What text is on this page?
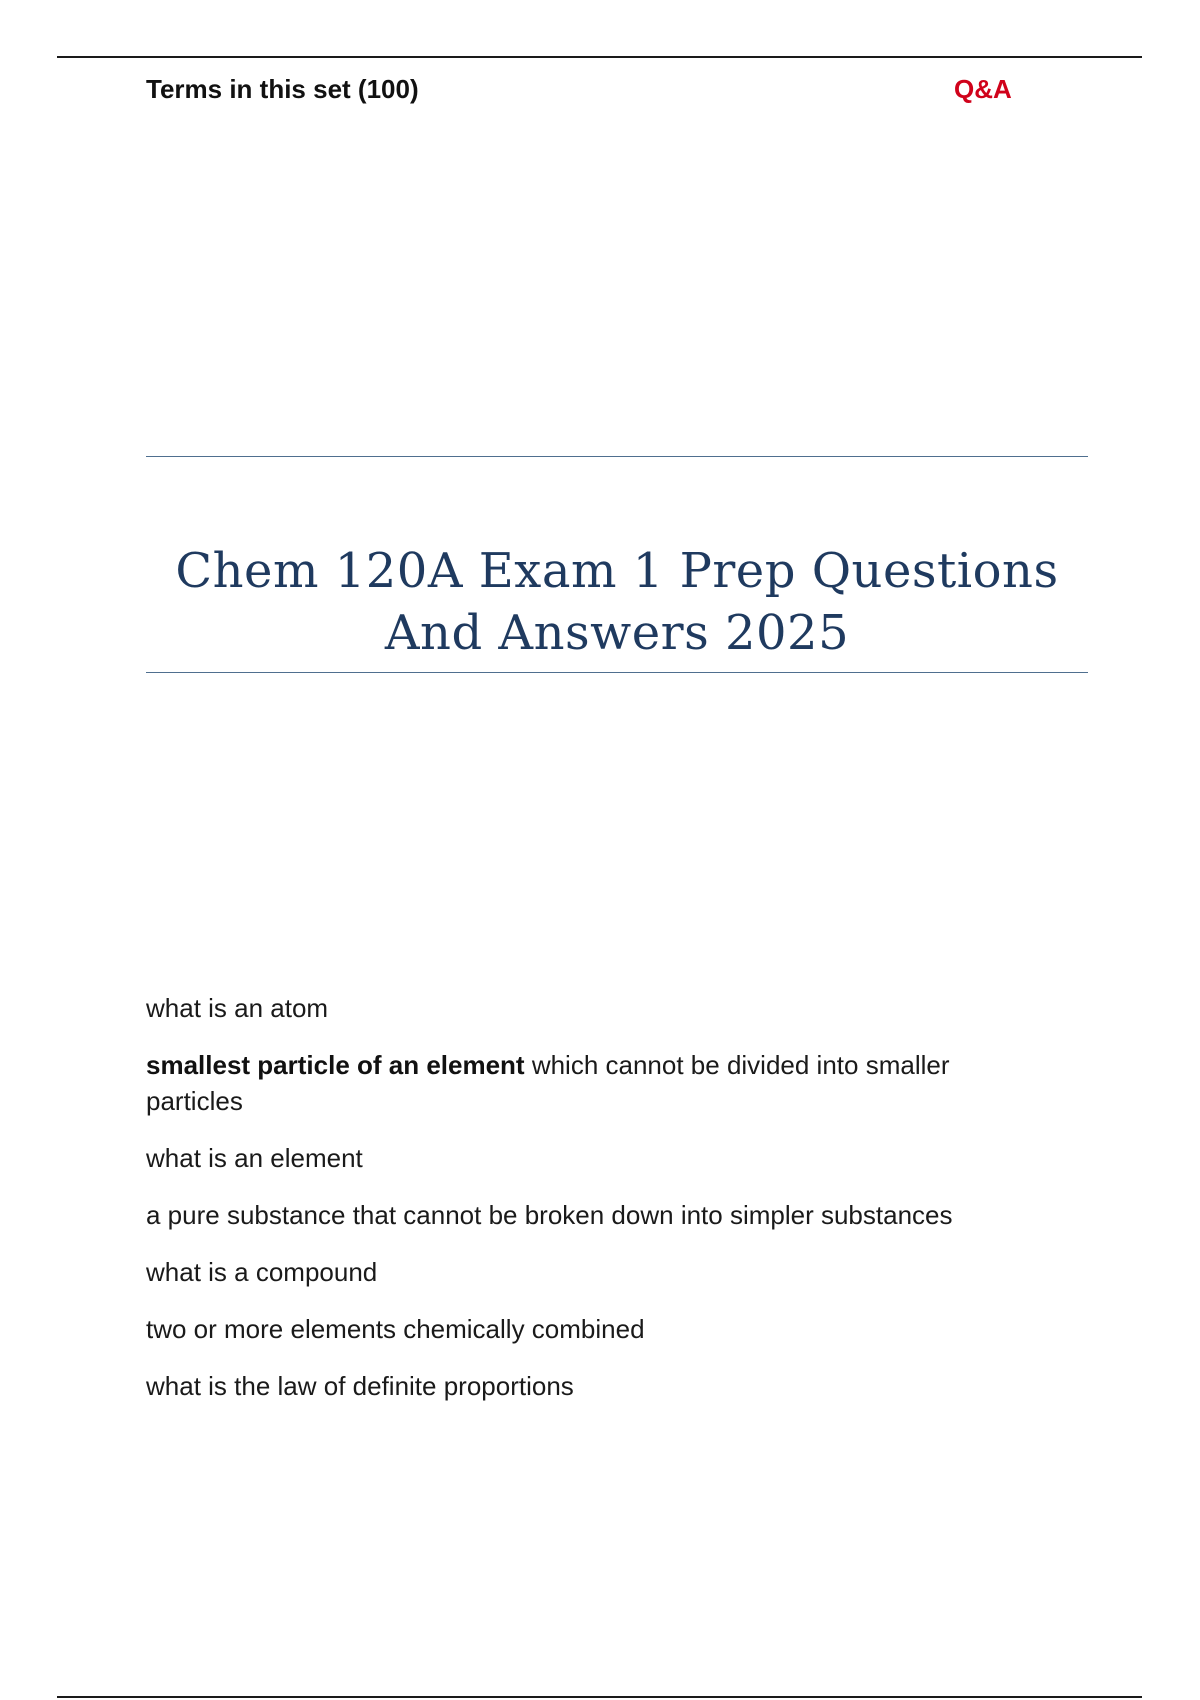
Terms in this set (100)	Q&A
Chem 120A Exam 1 Prep Questions And Answers 2025

what is an atom

smallest particle of an element which cannot be divided into smaller particles

what is an element

a pure substance that cannot be broken down into simpler substances

what is a compound

two or more elements chemically combined

what is the law of definite proportions
